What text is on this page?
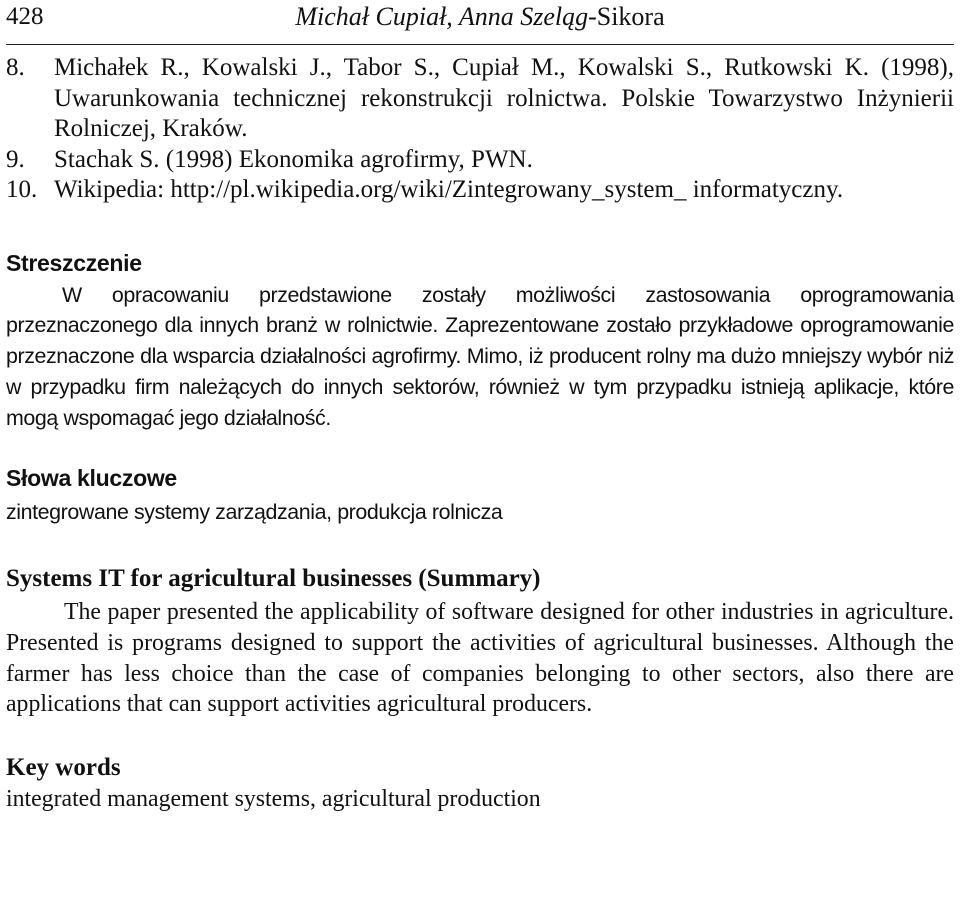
428	Michał Cupiał, Anna Szeląg-Sikora
8. Michałek R., Kowalski J., Tabor S., Cupiał M., Kowalski S., Rutkowski K. (1998), Uwarunkowania technicznej rekonstrukcji rolnictwa. Polskie Towarzystwo Inżynierii Rolniczej, Kraków.
9. Stachak S. (1998) Ekonomika agrofirmy, PWN.
10. Wikipedia: http://pl.wikipedia.org/wiki/Zintegrowany_system_ informatyczny.
Streszczenie

W opracowaniu przedstawione zostały możliwości zastosowania oprogramowania przeznaczonego dla innych branż w rolnictwie. Zaprezentowane zostało przykładowe oprogramowanie przeznaczone dla wsparcia działalności agrofirmy. Mimo, iż producent rolny ma dużo mniejszy wybór niż w przypadku firm należących do innych sektorów, również w tym przypadku istnieją aplikacje, które mogą wspomagać jego działalność.

Słowa kluczowe
zintegrowane systemy zarządzania, produkcja rolnicza
Systems IT for agricultural businesses (Summary)

The paper presented the applicability of software designed for other industries in agriculture. Presented is programs designed to support the activities of agricultural businesses. Although the farmer has less choice than the case of companies belonging to other sectors, also there are applications that can support activities agricultural producers.

Key words
integrated management systems, agricultural production
